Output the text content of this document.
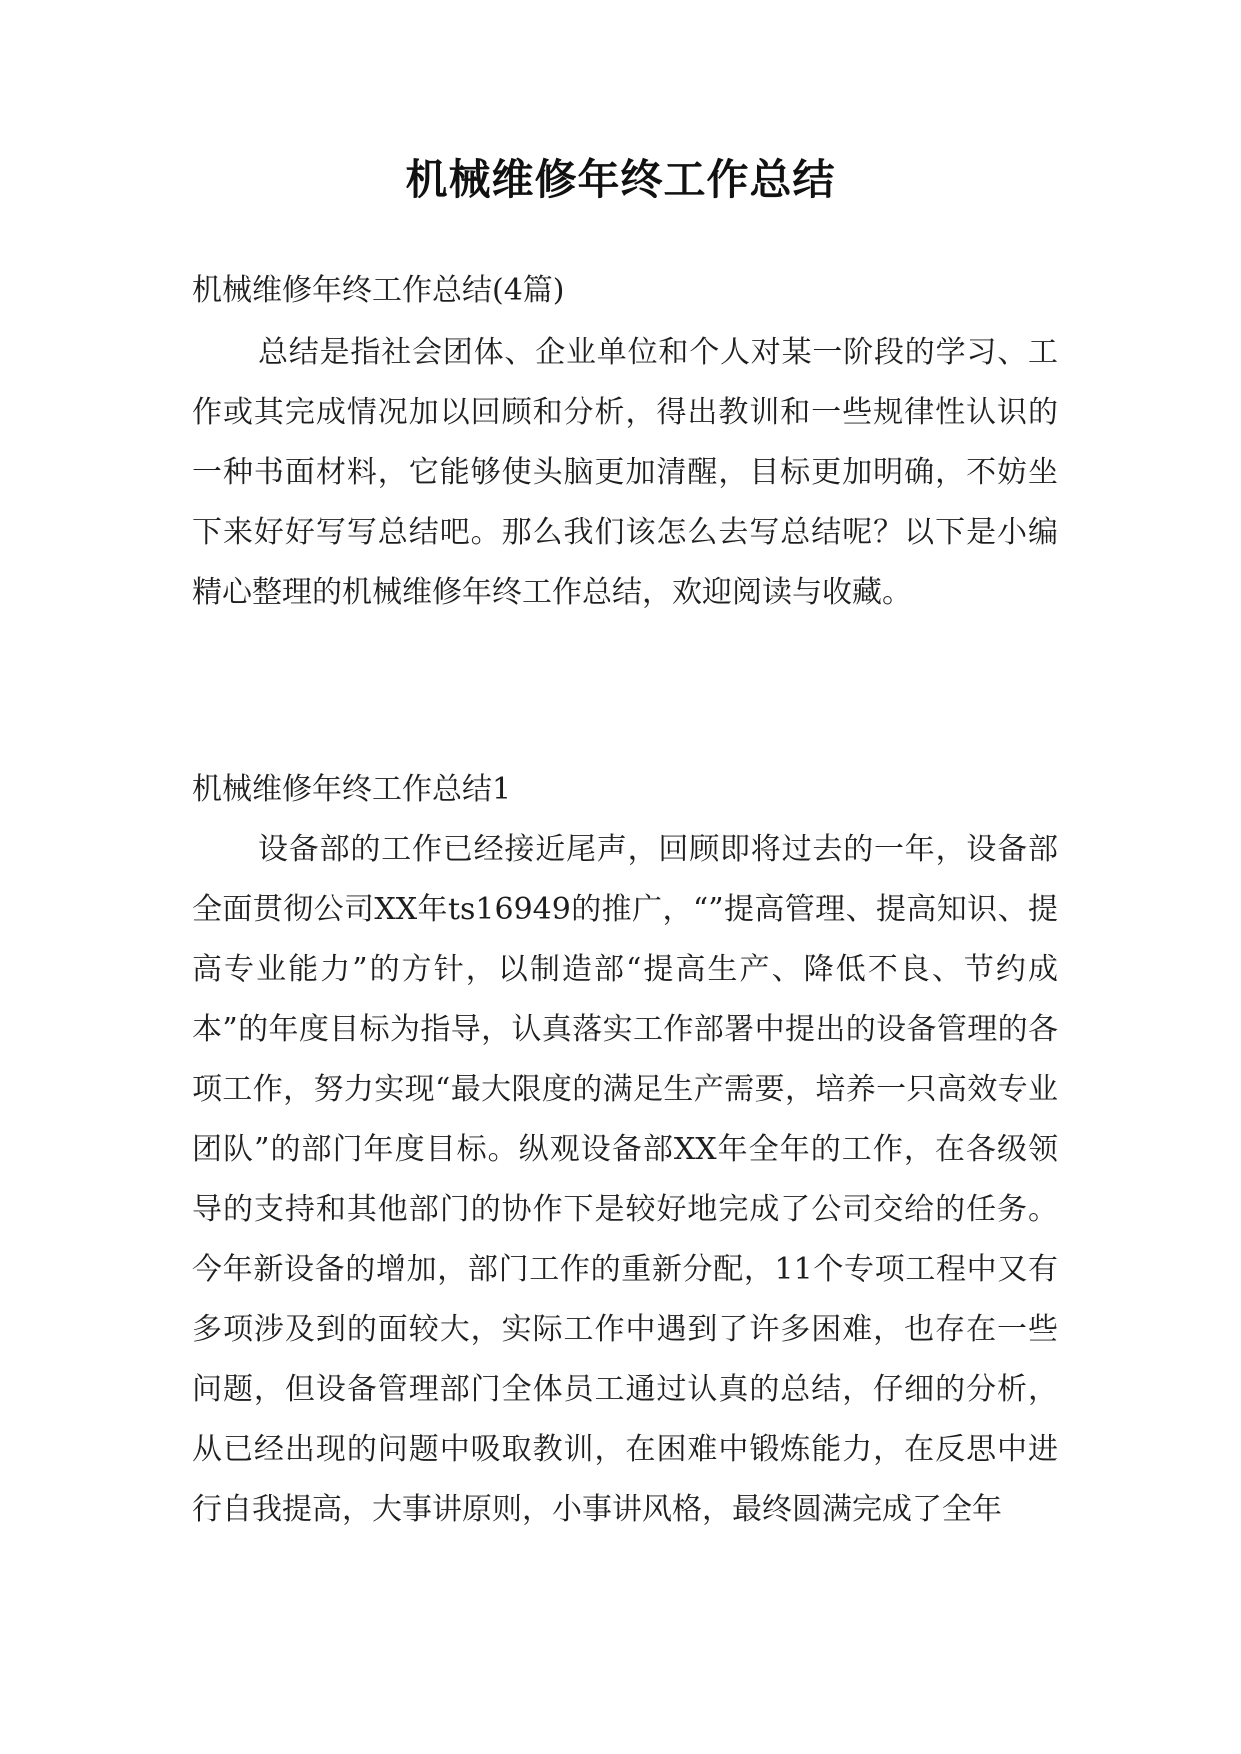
机械维修年终工作总结
机械维修年终工作总结(4篇)
总结是指社会团体、企业单位和个人对某一阶段的学习、工作或其完成情况加以回顾和分析，得出教训和一些规律性认识的一种书面材料，它能够使头脑更加清醒，目标更加明确，不妨坐下来好好写写总结吧。那么我们该怎么去写总结呢？以下是小编精心整理的机械维修年终工作总结，欢迎阅读与收藏。
机械维修年终工作总结1
设备部的工作已经接近尾声，回顾即将过去的一年，设备部全面贯彻公司XX年ts16949的推广，“”提高管理、提高知识、提高专业能力”的方针，以制造部“提高生产、降低不良、节约成本”的年度目标为指导，认真落实工作部署中提出的设备管理的各项工作，努力实现“最大限度的满足生产需要，培养一只高效专业团队”的部门年度目标。纵观设备部XX年全年的工作，在各级领导的支持和其他部门的协作下是较好地完成了公司交给的任务。今年新设备的增加，部门工作的重新分配，11个专项工程中又有多项涉及到的面较大，实际工作中遇到了许多困难，也存在一些问题，但设备管理部门全体员工通过认真的总结，仔细的分析，从已经出现的问题中吸取教训，在困难中锻炼能力，在反思中进行自我提高，大事讲原则，小事讲风格，最终圆满完成了全年
